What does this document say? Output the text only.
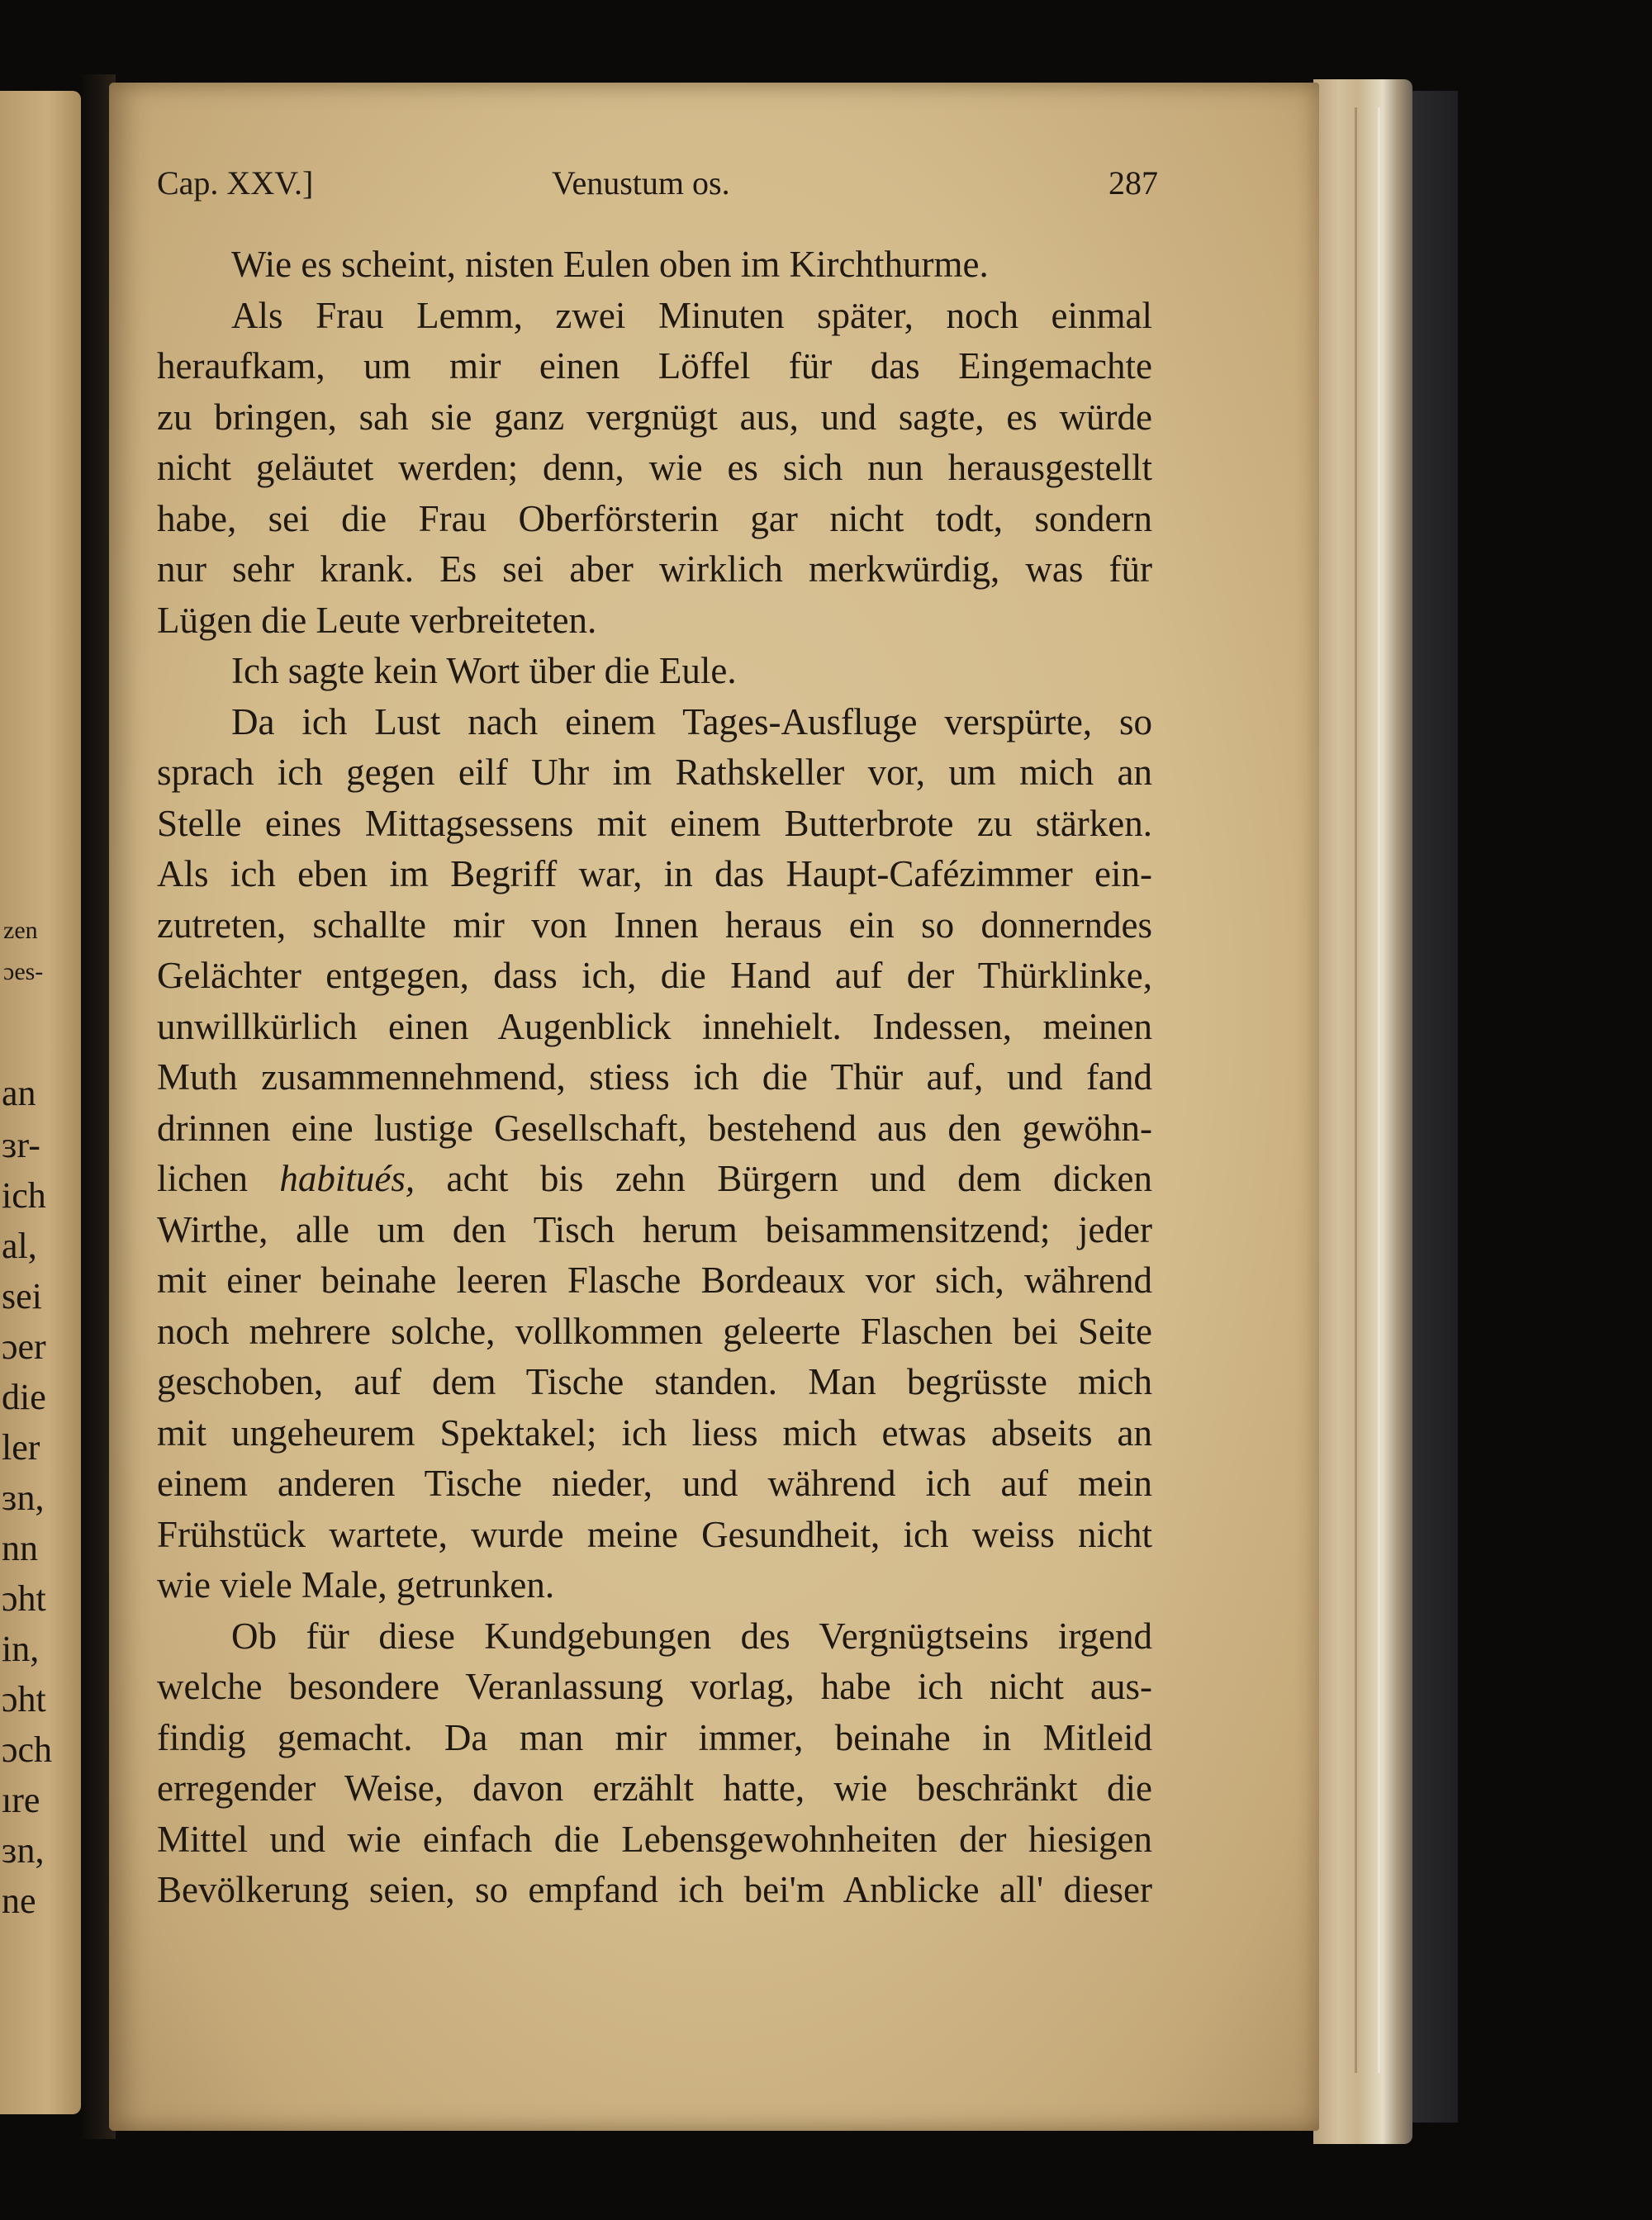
zen
ɔes-
an
ɜr-
ich
al,
sei
ɔer
die
ler
ɜn,
nn
ɔht
in,
ɔht
ɔch
ıre
ɜn,
ne
Cap. XXV.]	Venustum os.	287
Wie es scheint, nisten Eulen oben im Kirchthurme.
Als Frau Lemm, zwei Minuten später, noch einmal
heraufkam, um mir einen Löffel für das Eingemachte
zu bringen, sah sie ganz vergnügt aus, und sagte, es würde
nicht geläutet werden; denn, wie es sich nun herausgestellt
habe, sei die Frau Oberförsterin gar nicht todt, sondern
nur sehr krank. Es sei aber wirklich merkwürdig, was für
Lügen die Leute verbreiteten.
Ich sagte kein Wort über die Eule.
Da ich Lust nach einem Tages-Ausfluge verspürte, so
sprach ich gegen eilf Uhr im Rathskeller vor, um mich an
Stelle eines Mittagsessens mit einem Butterbrote zu stärken.
Als ich eben im Begriff war, in das Haupt-Cafézimmer ein-
zutreten, schallte mir von Innen heraus ein so donnerndes
Gelächter entgegen, dass ich, die Hand auf der Thürklinke,
unwillkürlich einen Augenblick innehielt. Indessen, meinen
Muth zusammennehmend, stiess ich die Thür auf, und fand
drinnen eine lustige Gesellschaft, bestehend aus den gewöhn-
lichen habitués, acht bis zehn Bürgern und dem dicken
Wirthe, alle um den Tisch herum beisammensitzend; jeder
mit einer beinahe leeren Flasche Bordeaux vor sich, während
noch mehrere solche, vollkommen geleerte Flaschen bei Seite
geschoben, auf dem Tische standen. Man begrüsste mich
mit ungeheurem Spektakel; ich liess mich etwas abseits an
einem anderen Tische nieder, und während ich auf mein
Frühstück wartete, wurde meine Gesundheit, ich weiss nicht
wie viele Male, getrunken.
Ob für diese Kundgebungen des Vergnügtseins irgend
welche besondere Veranlassung vorlag, habe ich nicht aus-
findig gemacht. Da man mir immer, beinahe in Mitleid
erregender Weise, davon erzählt hatte, wie beschränkt die
Mittel und wie einfach die Lebensgewohnheiten der hiesigen
Bevölkerung seien, so empfand ich bei'm Anblicke all' dieser
